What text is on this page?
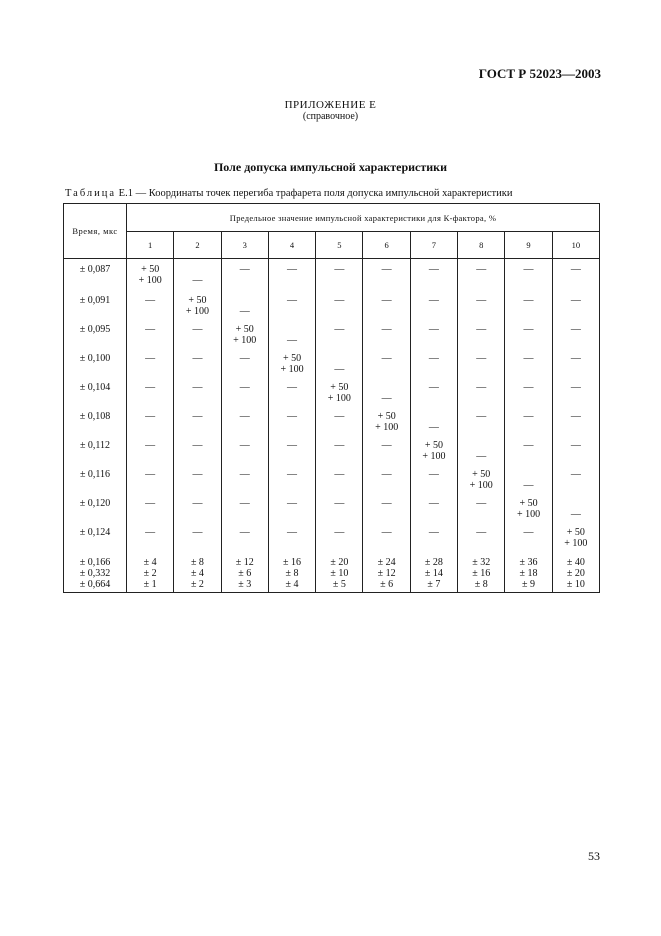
ГОСТ Р 52023—2003
ПРИЛОЖЕНИЕ Е
(справочное)
Поле допуска импульсной характеристики
Таблица Е.1 — Координаты точек перегиба трафарета поля допуска импульсной характеристики
Время, мкс	Предельное значение импульсной характеристики для К-фактора, %									
	1	2	3	4	5	6	7	8	9	10

± 0,087	+ 50
+ 100	—	—	—	—	—	—	—	—	—

± 0,091	—	+ 50
+ 100	—	—	—	—	—	—	—	—

± 0,095	—	—	+ 50
+ 100	—	—	—	—	—	—	—

± 0,100	—	—	—	+ 50
+ 100	—	—	—	—	—	—

± 0,104	—	—	—	—	+ 50
+ 100	—	—	—	—	—

± 0,108	—	—	—	—	—	+ 50
+ 100	—	—	—	—

± 0,112	—	—	—	—	—	—	+ 50
+ 100	—	—	—

± 0,116	—	—	—	—	—	—	—	+ 50
+ 100	—	—

± 0,120	—	—	—	—	—	—	—	—	+ 50
+ 100	—

± 0,124	—	—	—	—	—	—	—	—	—	+ 50
+ 100

± 0,166	± 4	± 8	± 12	± 16	± 20	± 24	± 28	± 32	± 36	± 40
± 0,332	± 2	± 4	± 6	± 8	± 10	± 12	± 14	± 16	± 18	± 20
± 0,664	± 1	± 2	± 3	± 4	± 5	± 6	± 7	± 8	± 9	± 10
53
